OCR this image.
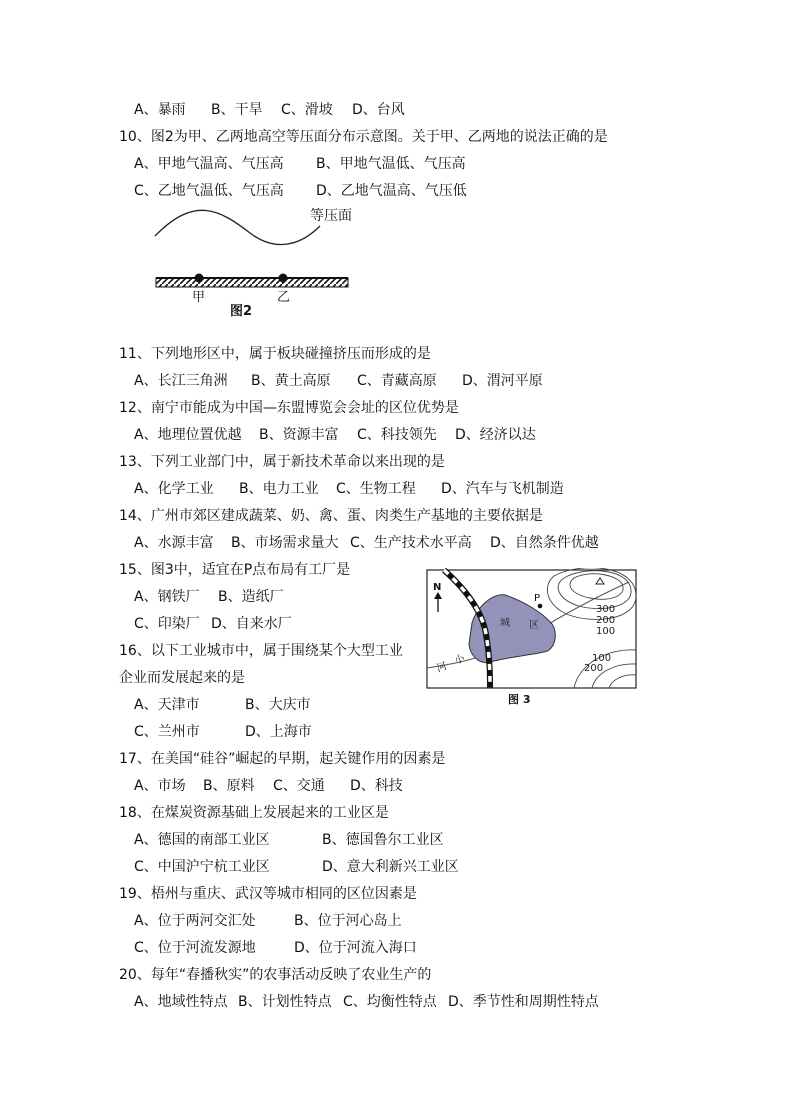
A、暴雨 B、干旱 C、滑坡 D、台风
10、图2为甲、乙两地高空等压面分布示意图。关于甲、乙两地的说法正确的是
A、甲地气温高、气压高 B、甲地气温低、气压高
C、乙地气温低、气压高 D、乙地气温高、气压低
等压面
甲	乙
图2
11、下列地形区中，属于板块碰撞挤压而形成的是
A、长江三角洲 B、黄土高原 C、青藏高原 D、渭河平原
12、南宁市能成为中国—东盟博览会会址的区位优势是
A、地理位置优越 B、资源丰富 C、科技领先 D、经济以达
13、下列工业部门中，属于新技术革命以来出现的是
A、化学工业 B、电力工业 C、生物工程 D、汽车与飞机制造
14、广州市郊区建成蔬菜、奶、禽、蛋、肉类生产基地的主要依据是
A、水源丰富 B、市场需求量大 C、生产技术水平高 D、自然条件优越
15、图3中，适宜在P点布局有工厂是
A、钢铁厂 B、造纸厂
C、印染厂 D、自来水厂
N
P
城 区
河
小
300
200
100
100
200
图 3
16、以下工业城市中，属于围绕某个大型工业
企业而发展起来的是
A、天津市	B、大庆市
C、兰州市	D、上海市
17、在美国“硅谷”崛起的早期，起关键作用的因素是
A、市场 B、原料 C、交通 D、科技
18、在煤炭资源基础上发展起来的工业区是
A、德国的南部工业区	B、德国鲁尔工业区
C、中国沪宁杭工业区	D、意大利新兴工业区
19、梧州与重庆、武汉等城市相同的区位因素是
A、位于两河交汇处	B、位于河心岛上
C、位于河流发源地	D、位于河流入海口
20、每年“春播秋实”的农事活动反映了农业生产的
A、地域性特点 B、计划性特点 C、均衡性特点 D、季节性和周期性特点
